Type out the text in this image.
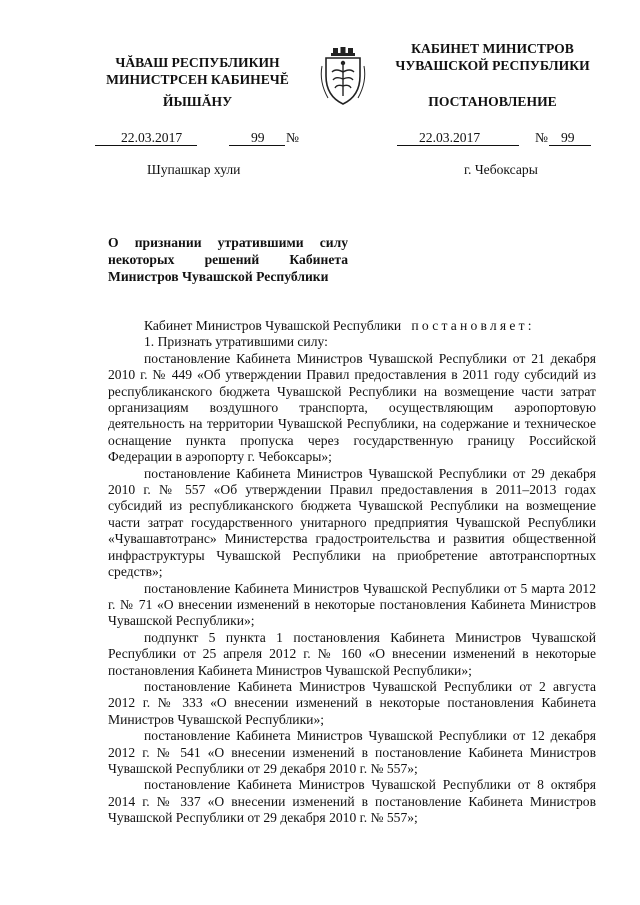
ЧĂВАШ РЕСПУБЛИКИН
МИНИСТРСЕН КАБИНЕЧĔ
ЙЫШĂНУ
КАБИНЕТ МИНИСТРОВ
ЧУВАШСКОЙ РЕСПУБЛИКИ
ПОСТАНОВЛЕНИЕ
22.03.2017	99 №	22.03.2017	№ 99
Шупашкар хули	г. Чебоксары
О признании утратившими силу некоторых решений Кабинета Министров Чувашской Республики

Кабинет Министров Чувашской Республики постановляет:

1. Признать утратившими силу:

постановление Кабинета Министров Чувашской Республики от 21 декабря 2010 г. № 449 «Об утверждении Правил предоставления в 2011 году субсидий из республиканского бюджета Чувашской Республики на возмещение части затрат организациям воздушного транспорта, осуществляющим аэропортовую деятельность на территории Чувашской Республики, на содержание и техническое оснащение пункта пропуска через государственную границу Российской Федерации в аэропорту г. Чебоксары»;

постановление Кабинета Министров Чувашской Республики от 29 декабря 2010 г. № 557 «Об утверждении Правил предоставления в 2011–2013 годах субсидий из республиканского бюджета Чувашской Республики на возмещение части затрат государственного унитарного предприятия Чувашской Республики «Чувашавтотранс» Министерства градостроительства и развития общественной инфраструктуры Чувашской Республики на приобретение автотранспортных средств»;

постановление Кабинета Министров Чувашской Республики от 5 марта 2012 г. № 71 «О внесении изменений в некоторые постановления Кабинета Министров Чувашской Республики»;

подпункт 5 пункта 1 постановления Кабинета Министров Чувашской Республики от 25 апреля 2012 г. № 160 «О внесении изменений в некоторые постановления Кабинета Министров Чувашской Республики»;

постановление Кабинета Министров Чувашской Республики от 2 августа 2012 г. № 333 «О внесении изменений в некоторые постановления Кабинета Министров Чувашской Республики»;

постановление Кабинета Министров Чувашской Республики от 12 декабря 2012 г. № 541 «О внесении изменений в постановление Кабинета Министров Чувашской Республики от 29 декабря 2010 г. № 557»;

постановление Кабинета Министров Чувашской Республики от 8 октября 2014 г. № 337 «О внесении изменений в постановление Кабинета Министров Чувашской Республики от 29 декабря 2010 г. № 557»;
